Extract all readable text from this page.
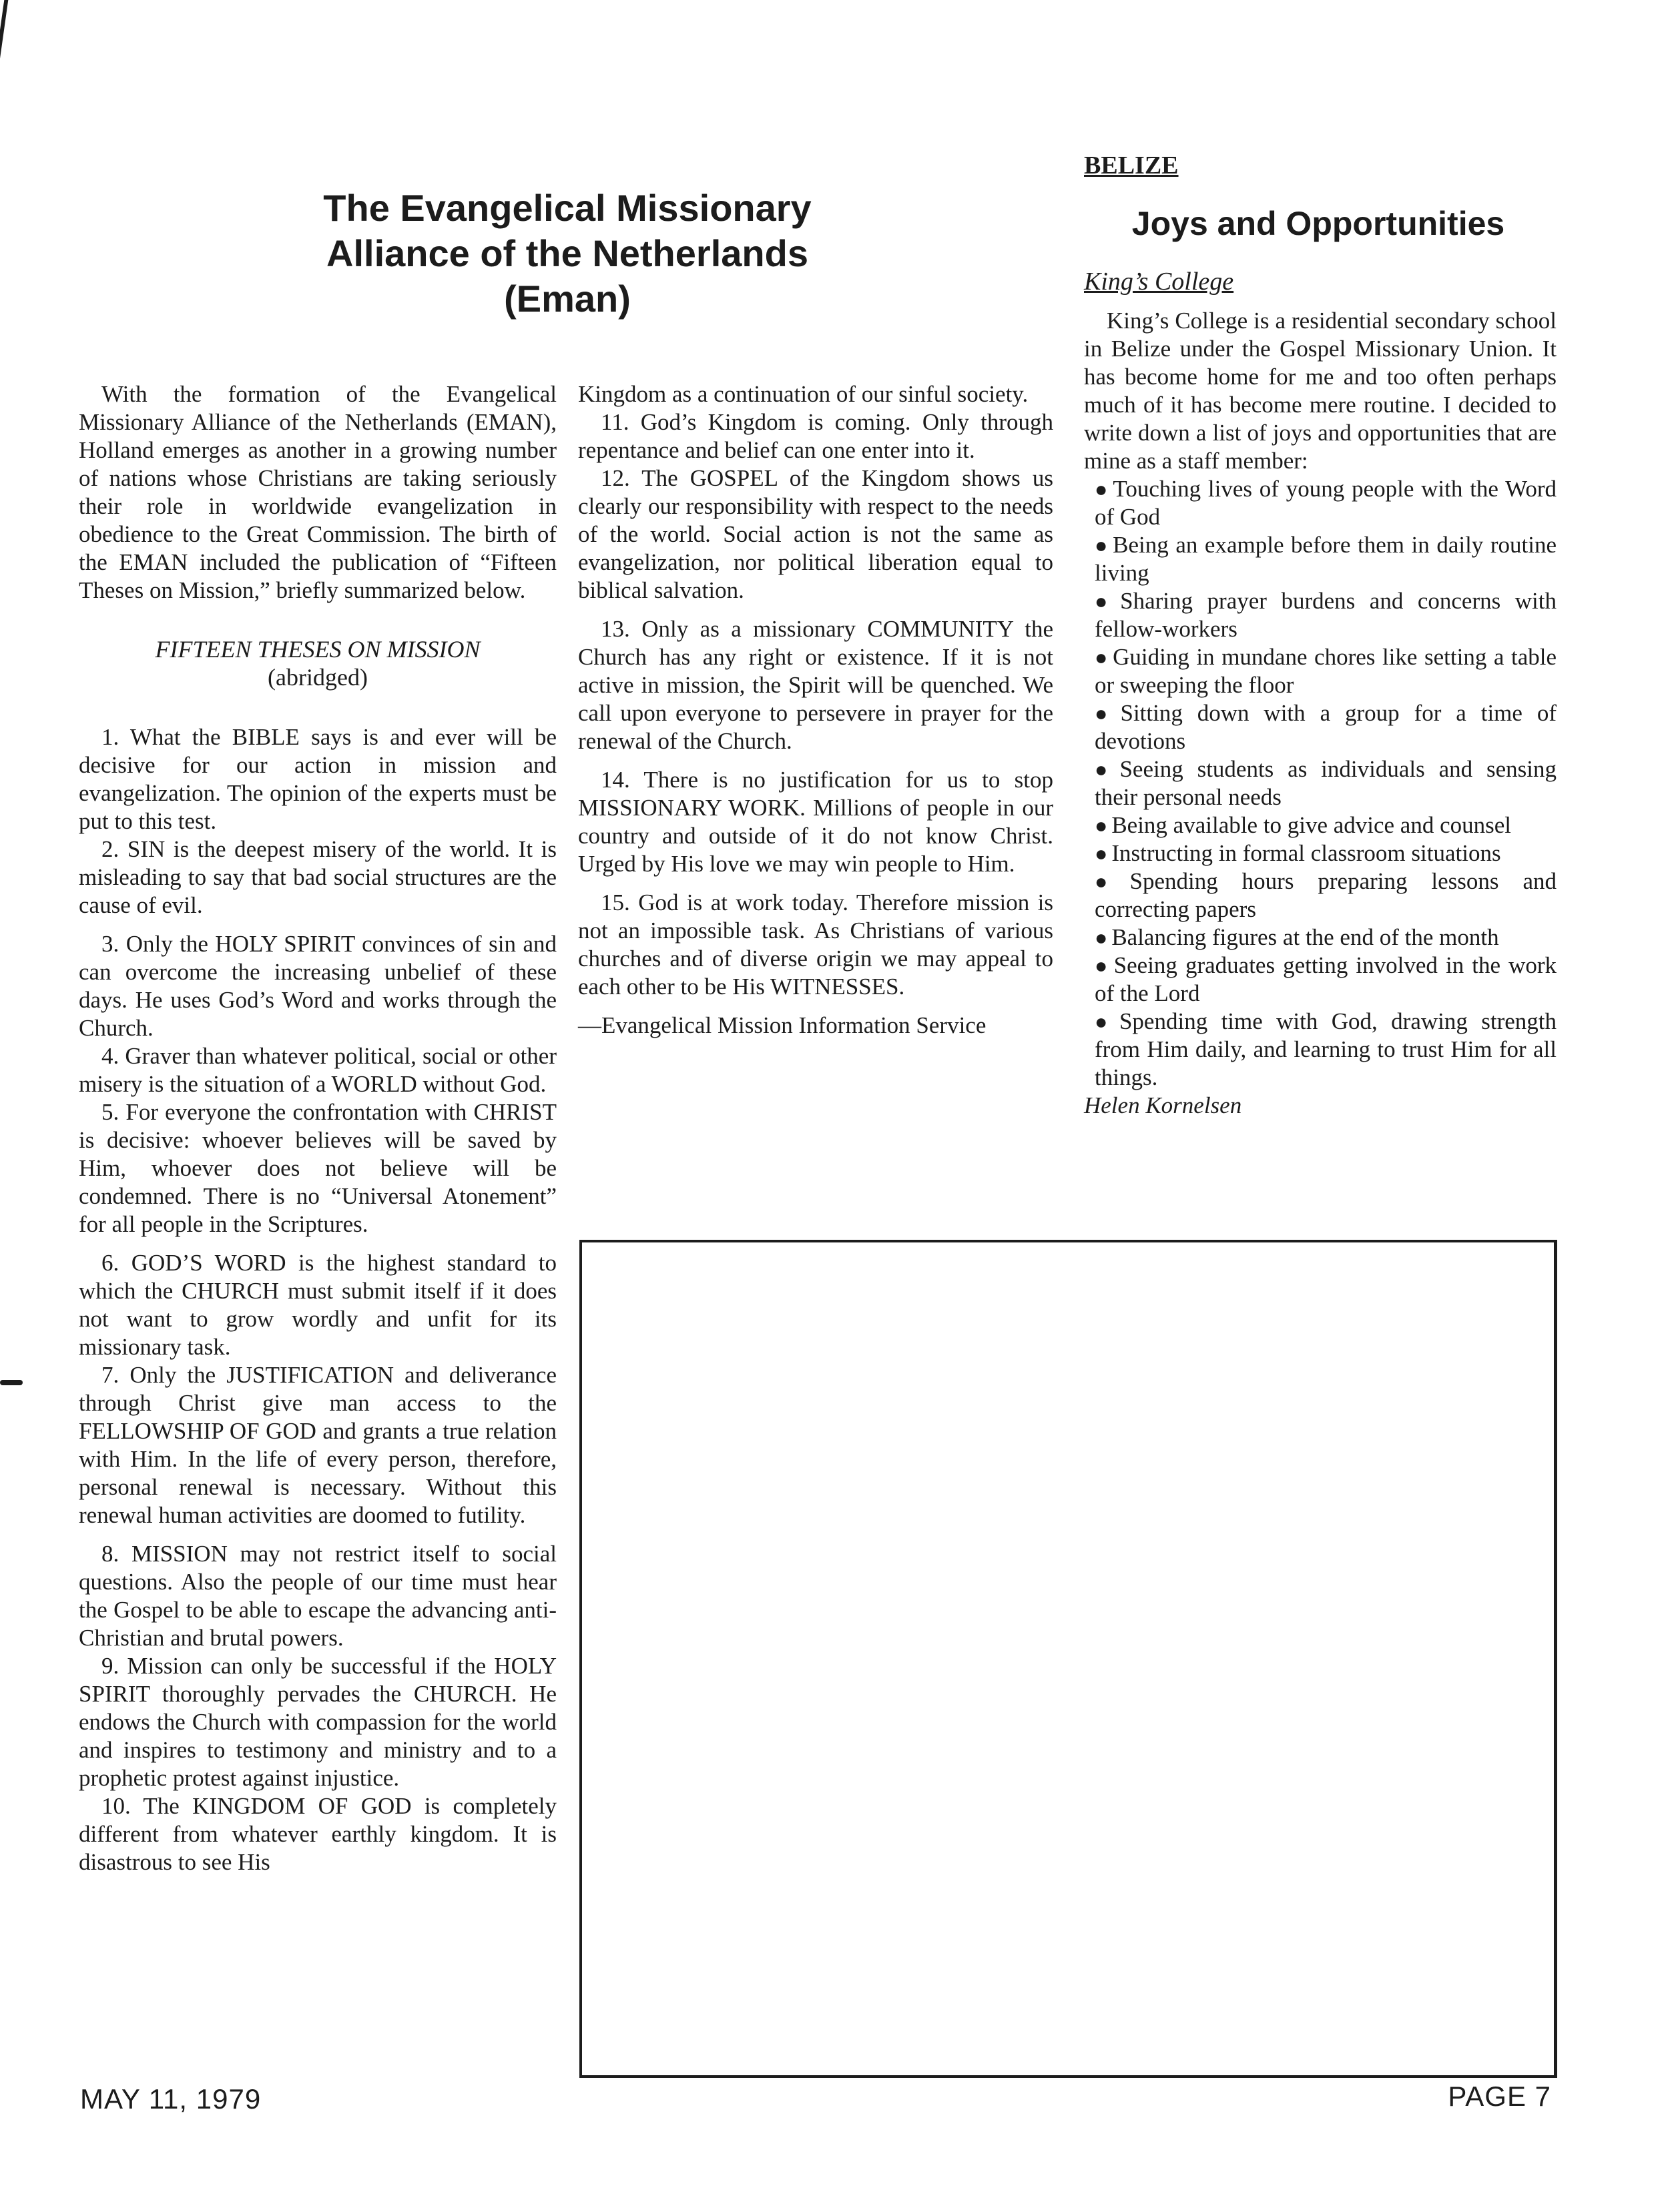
The Evangelical Missionary
Alliance of the Netherlands
(Eman)

With the formation of the Evangelical Missionary Alliance of the Netherlands (EMAN), Holland emerges as another in a growing number of nations whose Christians are taking seriously their role in worldwide evangelization in obedience to the Great Commission. The birth of the EMAN included the publication of “Fifteen Theses on Mission,” briefly summarized below.

FIFTEEN THESES ON MISSION

(abridged)

1. What the BIBLE says is and ever will be decisive for our action in mission and evangelization. The opinion of the experts must be put to this test.

2. SIN is the deepest misery of the world. It is misleading to say that bad social structures are the cause of evil.

3. Only the HOLY SPIRIT convinces of sin and can overcome the increasing unbelief of these days. He uses God’s Word and works through the Church.

4. Graver than whatever political, social or other misery is the situation of a WORLD without God.

5. For everyone the confrontation with CHRIST is decisive: whoever believes will be saved by Him, whoever does not believe will be condemned. There is no “Universal Atonement” for all people in the Scriptures.

6. GOD’S WORD is the highest standard to which the CHURCH must submit itself if it does not want to grow wordly and unfit for its missionary task.

7. Only the JUSTIFICATION and deliverance through Christ give man access to the FELLOWSHIP OF GOD and grants a true relation with Him. In the life of every person, therefore, personal renewal is necessary. Without this renewal human activities are doomed to futility.

8. MISSION may not restrict itself to social questions. Also the people of our time must hear the Gospel to be able to escape the advancing anti-Christian and brutal powers.

9. Mission can only be successful if the HOLY SPIRIT thoroughly pervades the CHURCH. He endows the Church with compassion for the world and inspires to testimony and ministry and to a prophetic protest against injustice.

10. The KINGDOM OF GOD is completely different from whatever earthly kingdom. It is disastrous to see His

Kingdom as a continuation of our sinful society.

11. God’s Kingdom is coming. Only through repentance and belief can one enter into it.

12. The GOSPEL of the Kingdom shows us clearly our responsibility with respect to the needs of the world. Social action is not the same as evangelization, nor political liberation equal to biblical salvation.

13. Only as a missionary COMMUNITY the Church has any right or existence. If it is not active in mission, the Spirit will be quenched. We call upon everyone to persevere in prayer for the renewal of the Church.

14. There is no justification for us to stop MISSIONARY WORK. Millions of people in our country and outside of it do not know Christ. Urged by His love we may win people to Him.

15. God is at work today. Therefore mission is not an impossible task. As Christians of various churches and of diverse origin we may appeal to each other to be His WITNESSES.

—Evangelical Mission Information Service

BELIZE
Joys and Opportunities
King’s College

King’s College is a residential secondary school in Belize under the Gospel Missionary Union. It has become home for me and too often perhaps much of it has become mere routine. I decided to write down a list of joys and opportunities that are mine as a staff member:

● Touching lives of young people with the Word of God
● Being an example before them in daily routine living
● Sharing prayer burdens and concerns with fellow-workers
● Guiding in mundane chores like setting a table or sweeping the floor
● Sitting down with a group for a time of devotions
● Seeing students as individuals and sensing their personal needs
● Being available to give advice and counsel
● Instructing in formal classroom situations
● Spending hours preparing lessons and correcting papers
● Balancing figures at the end of the month
● Seeing graduates getting involved in the work of the Lord
● Spending time with God, drawing strength from Him daily, and learning to trust Him for all things.

Helen Kornelsen

MAY 11, 1979	PAGE 7
